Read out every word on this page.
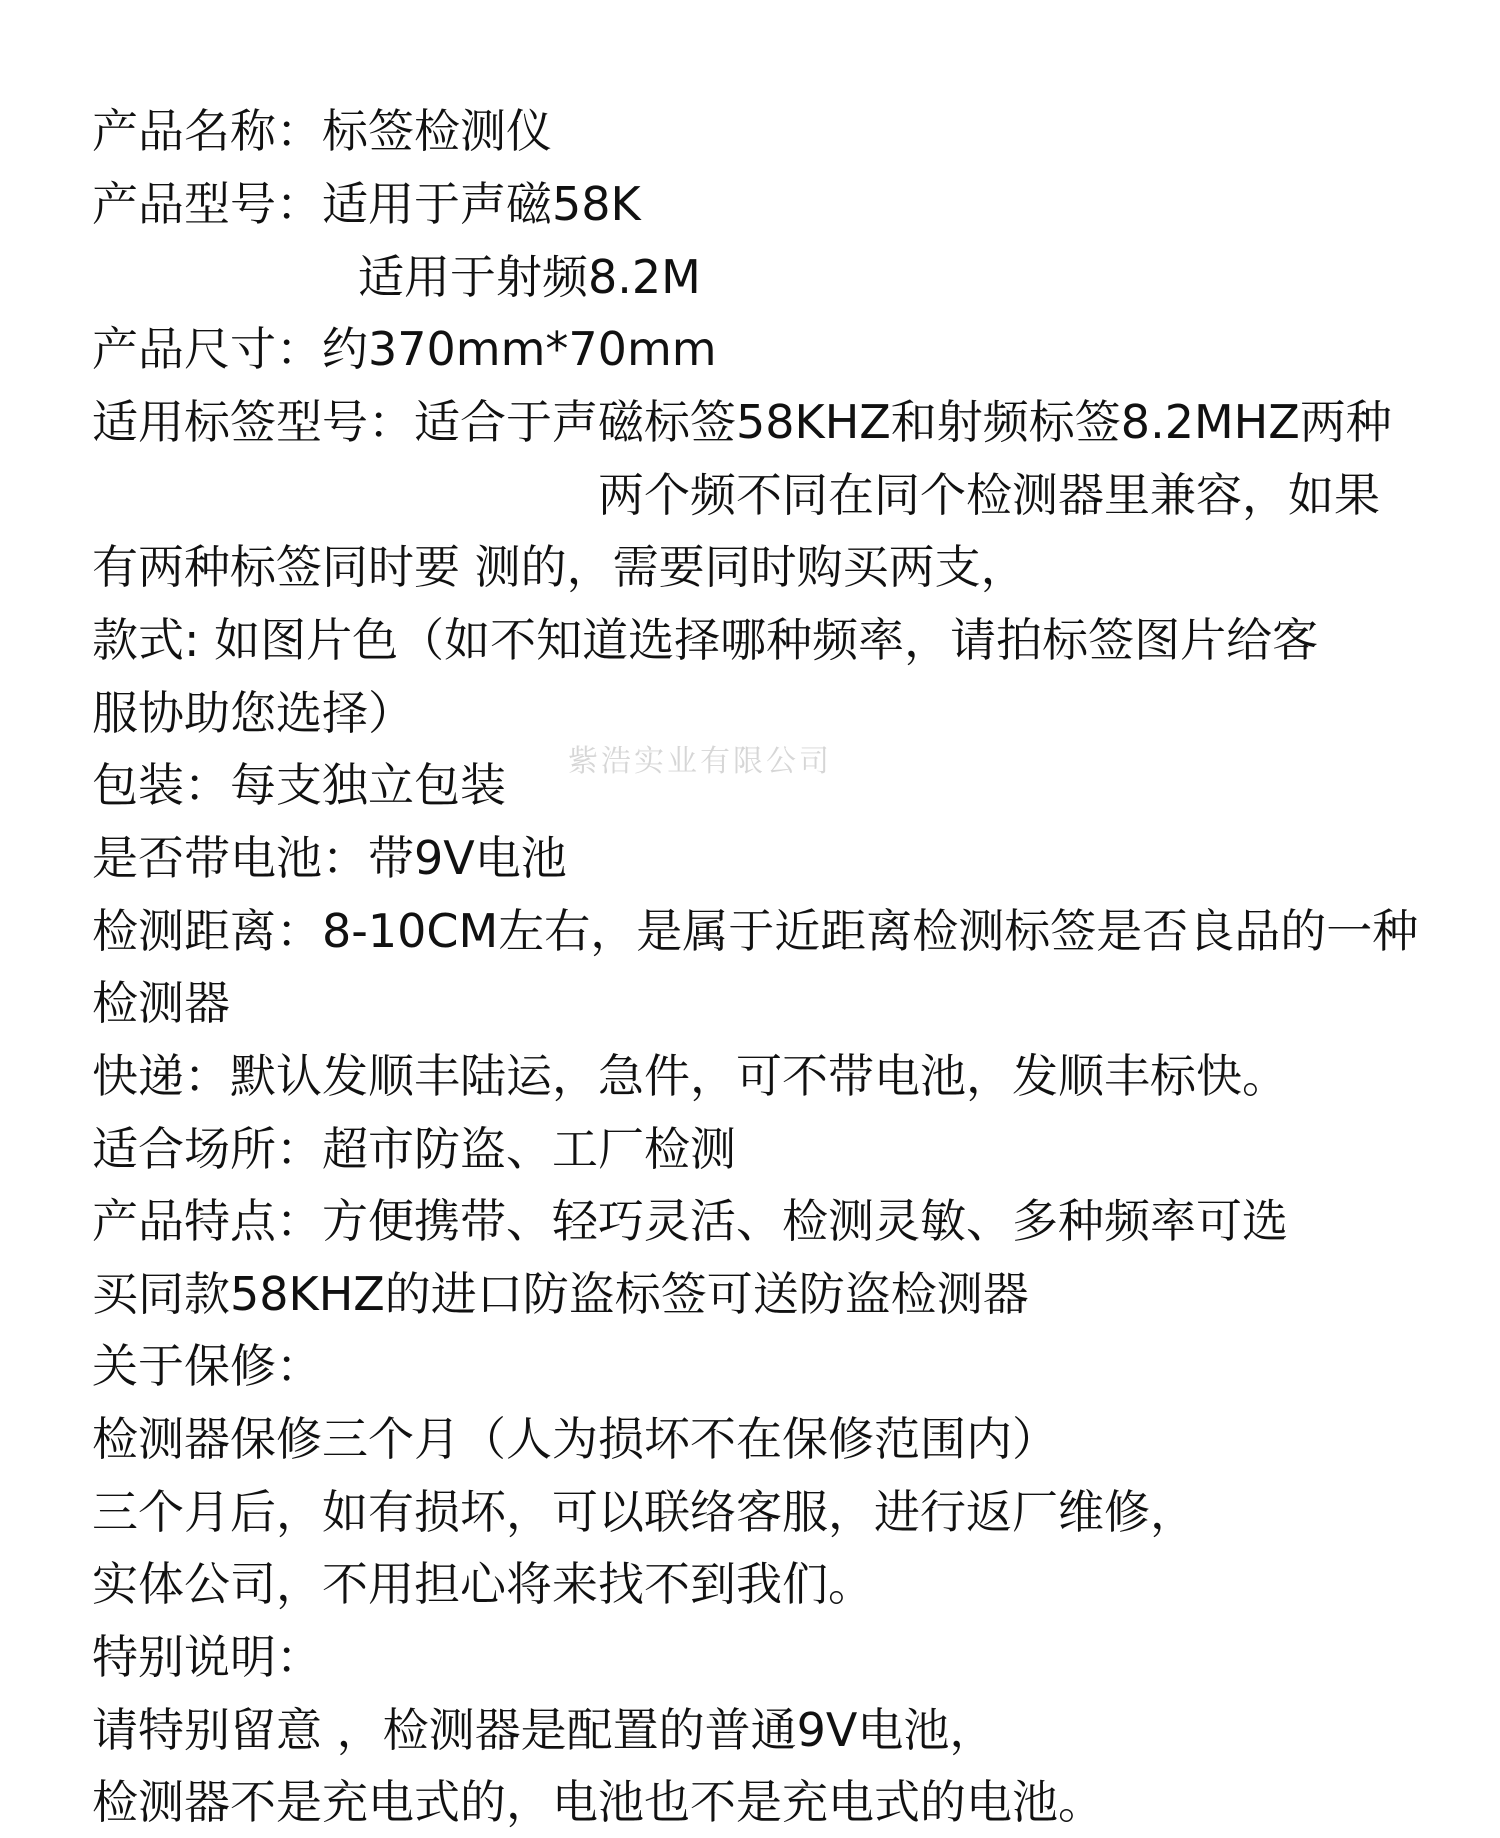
产品名称：标签检测仪
产品型号：适用于声磁58K
适用于射频8.2M
产品尺寸：约370mm*70mm
适用标签型号：适合于声磁标签58KHZ和射频标签8.2MHZ两种
两个频不同在同个检测器里兼容，如果
有两种标签同时要 测的，需要同时购买两支，
款式: 如图片色（如不知道选择哪种频率，请拍标签图片给客
服协助您选择）
包装：每支独立包装
是否带电池：带9V电池
检测距离：8-10CM左右，是属于近距离检测标签是否良品的一种
检测器
快递：默认发顺丰陆运，急件，可不带电池，发顺丰标快。
适合场所：超市防盗、工厂检测
产品特点：方便携带、轻巧灵活、检测灵敏、多种频率可选
买同款58KHZ的进口防盗标签可送防盗检测器
关于保修：
检测器保修三个月（人为损坏不在保修范围内）
三个月后，如有损坏，可以联络客服，进行返厂维修，
实体公司，不用担心将来找不到我们。
特别说明：
请特别留意 ，检测器是配置的普通9V电池，
检测器不是充电式的，电池也不是充电式的电池。
紫浩实业有限公司
